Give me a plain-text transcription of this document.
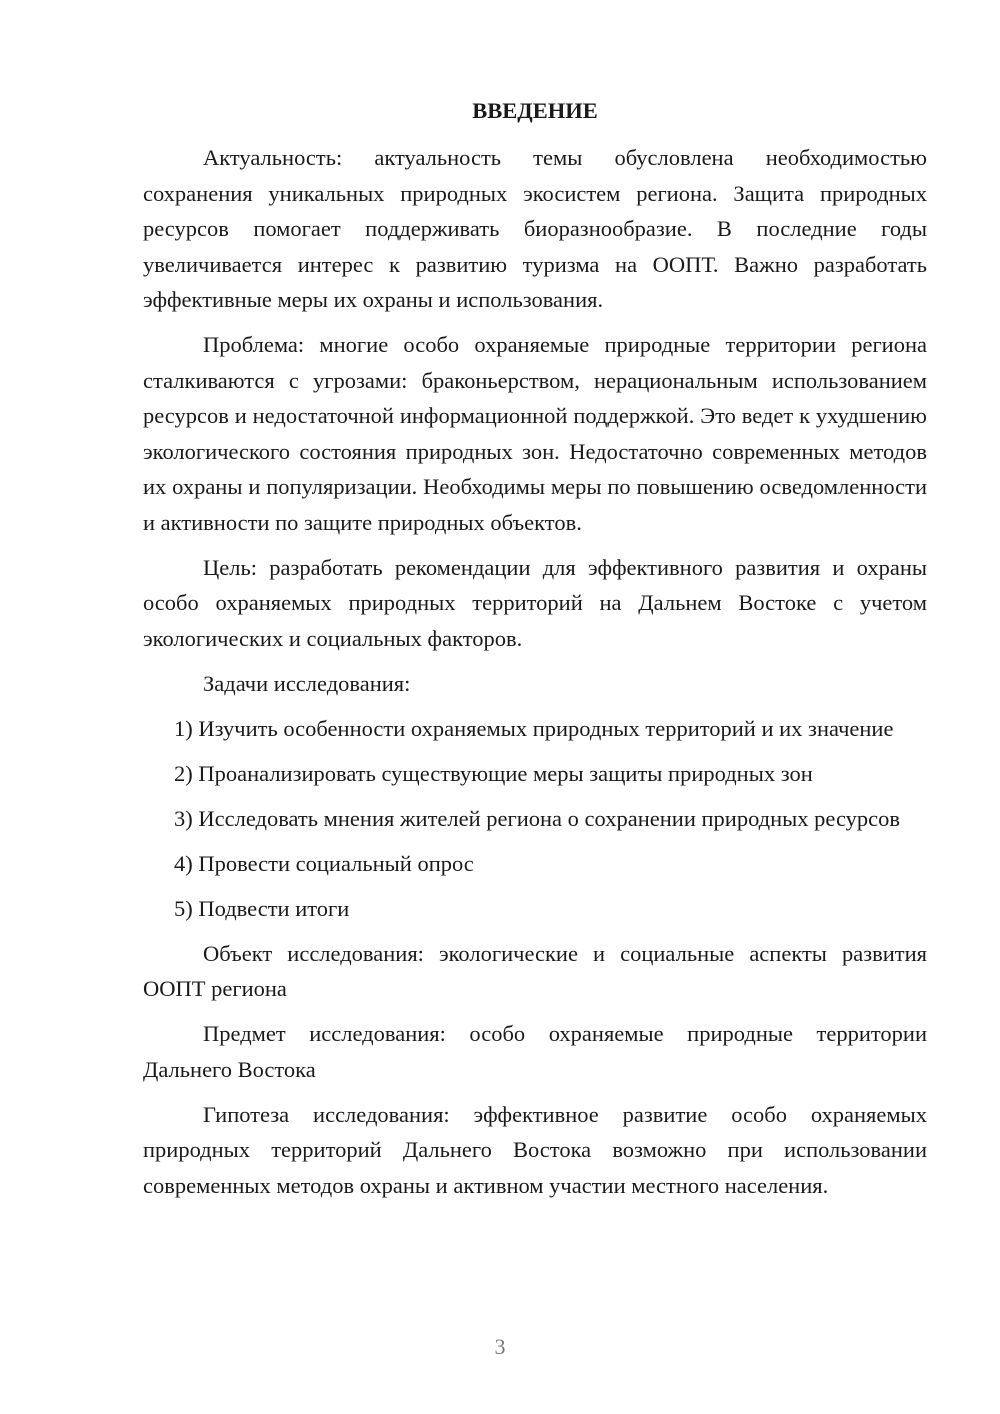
ВВЕДЕНИЕ

Актуальность: актуальность темы обусловлена необходимостью сохранения уникальных природных экосистем региона. Защита природных ресурсов помогает поддерживать биоразнообразие. В последние годы увеличивается интерес к развитию туризма на ООПТ. Важно разработать эффективные меры их охраны и использования.

Проблема: многие особо охраняемые природные территории региона сталкиваются с угрозами: браконьерством, нерациональным использованием ресурсов и недостаточной информационной поддержкой. Это ведет к ухудшению экологического состояния природных зон. Недостаточно современных методов их охраны и популяризации. Необходимы меры по повышению осведомленности и активности по защите природных объектов.

Цель: разработать рекомендации для эффективного развития и охраны особо охраняемых природных территорий на Дальнем Востоке с учетом экологических и социальных факторов.

Задачи исследования:

1) Изучить особенности охраняемых природных территорий и их значение

2) Проанализировать существующие меры защиты природных зон

3) Исследовать мнения жителей региона о сохранении природных ресурсов

4) Провести социальный опрос

5) Подвести итоги

Объект исследования: экологические и социальные аспекты развития ООПТ региона

Предмет исследования: особо охраняемые природные территории Дальнего Востока

Гипотеза исследования: эффективное развитие особо охраняемых природных территорий Дальнего Востока возможно при использовании современных методов охраны и активном участии местного населения.

3
